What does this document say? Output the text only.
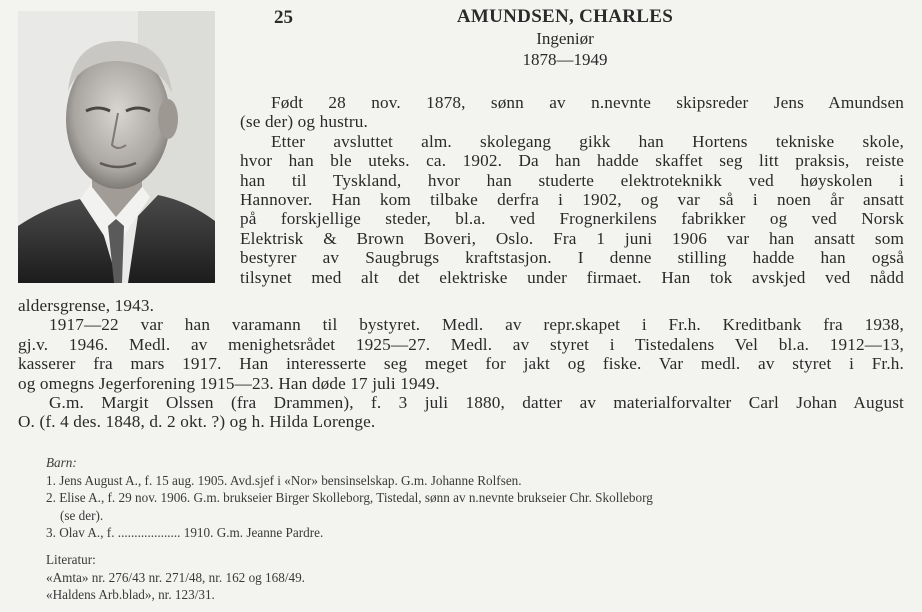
25	AMUNDSEN, CHARLES
Ingeniør
1878—1949
Født 28 nov. 1878, sønn av n.nevnte skipsreder Jens Amundsen
(se der) og hustru.
Etter avsluttet alm. skolegang gikk han Hortens tekniske skole,
hvor han ble uteks. ca. 1902. Da han hadde skaffet seg litt praksis, reiste
han til Tyskland, hvor han studerte elektroteknikk ved høyskolen i
Hannover. Han kom tilbake derfra i 1902, og var så i noen år ansatt
på forskjellige steder, bl.a. ved Frognerkilens fabrikker og ved Norsk
Elektrisk & Brown Boveri, Oslo. Fra 1 juni 1906 var han ansatt som
bestyrer av Saugbrugs kraftstasjon. I denne stilling hadde han også
tilsynet med alt det elektriske under firmaet. Han tok avskjed ved nådd
aldersgrense, 1943.
1917—22 var han varamann til bystyret. Medl. av repr.skapet i Fr.h. Kreditbank fra 1938,
gj.v. 1946. Medl. av menighetsrådet 1925—27. Medl. av styret i Tistedalens Vel bl.a. 1912—13,
kasserer fra mars 1917. Han interesserte seg meget for jakt og fiske. Var medl. av styret i Fr.h.
og omegns Jegerforening 1915—23. Han døde 17 juli 1949.
G.m. Margit Olssen (fra Drammen), f. 3 juli 1880, datter av materialforvalter Carl Johan August
O. (f. 4 des. 1848, d. 2 okt. ?) og h. Hilda Lorenge.
Barn:
1. Jens August A., f. 15 aug. 1905. Avd.sjef i «Nor» bensinselskap. G.m. Johanne Rolfsen.
2. Elise A., f. 29 nov. 1906. G.m. brukseier Birger Skolleborg, Tistedal, sønn av n.nevnte brukseier Chr. Skolleborg
(se der).
3. Olav A., f. ................... 1910. G.m. Jeanne Pardre.
Literatur:
«Amta» nr. 276/43 nr. 271/48, nr. 162 og 168/49.
«Haldens Arb.blad», nr. 123/31.
